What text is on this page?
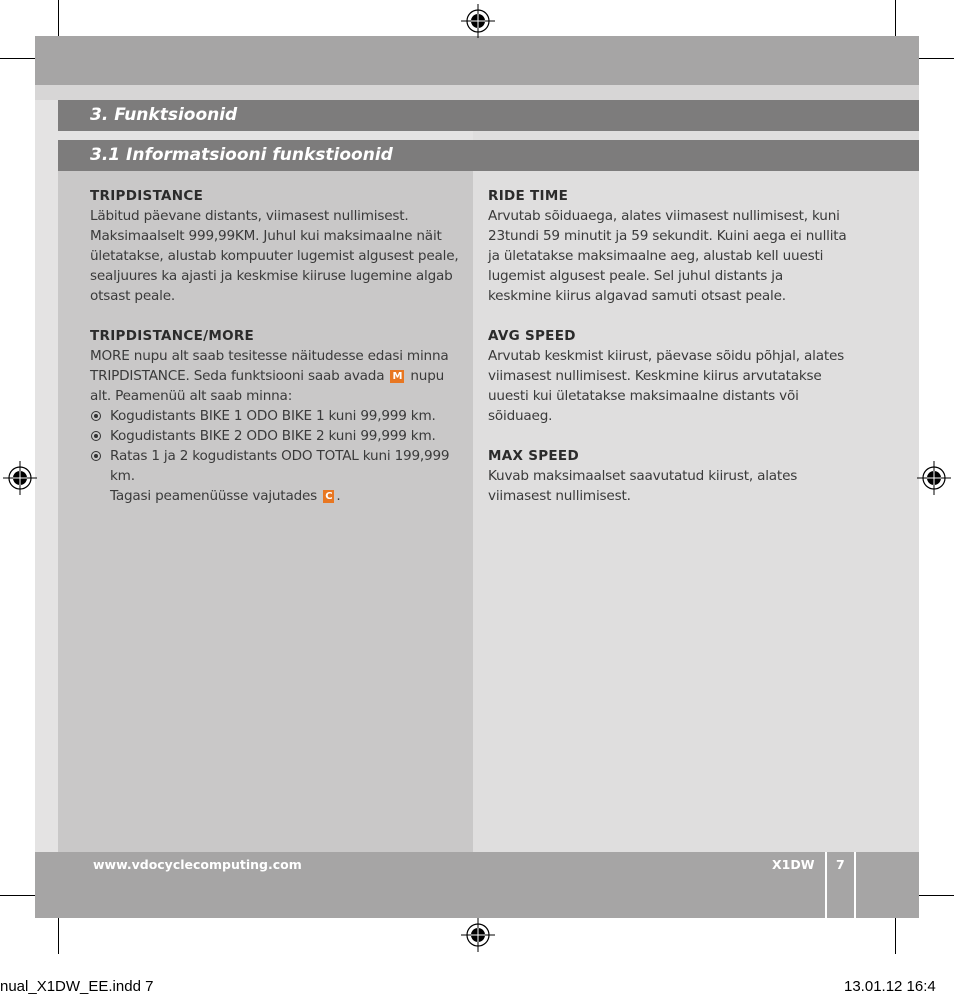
3. Funktsioonid
3.1 Informatsiooni funkstioonid
TRIPDISTANCE

Läbitud päevane distants, viimasest nullimisest. Maksimaalselt 999,99KM. Juhul kui maksimaalne näit ületatakse, alustab kompuuter lugemist algusest peale, sealjuures ka ajasti ja keskmise kiiruse lugemine algab otsast peale.

TRIPDISTANCE/MORE

MORE nupu alt saab tesitesse näitudesse edasi minna TRIPDISTANCE. Seda funktsiooni saab avada M nupu alt. Peamenüü alt saab minna:

Kogudistants BIKE 1 ODO BIKE 1 kuni 99,999 km.
Kogudistants BIKE 2 ODO BIKE 2 kuni 99,999 km.
Ratas 1 ja 2 kogudistants ODO TOTAL kuni 199,999 km.
Tagasi peamenüüsse vajutades C .
RIDE TIME

Arvutab sõiduaega, alates viimasest nullimisest, kuni 23tundi 59 minutit ja 59 sekundit. Kuini aega ei nullita ja ületatakse maksimaalne aeg, alustab kell uuesti lugemist algusest peale. Sel juhul distants ja keskmine kiirus algavad samuti otsast peale.

AVG SPEED

Arvutab keskmist kiirust, päevase sõidu põhjal, alates viimasest nullimisest. Keskmine kiirus arvutatakse uuesti kui ületatakse maksimaalne distants või sõiduaeg.

MAX SPEED

Kuvab maksimaalset saavutatud kiirust, alates viimasest nullimisest.

www.vdocyclecomputing.com	X1DW 7
nual_X1DW_EE.indd 7	13.01.12 16:4
